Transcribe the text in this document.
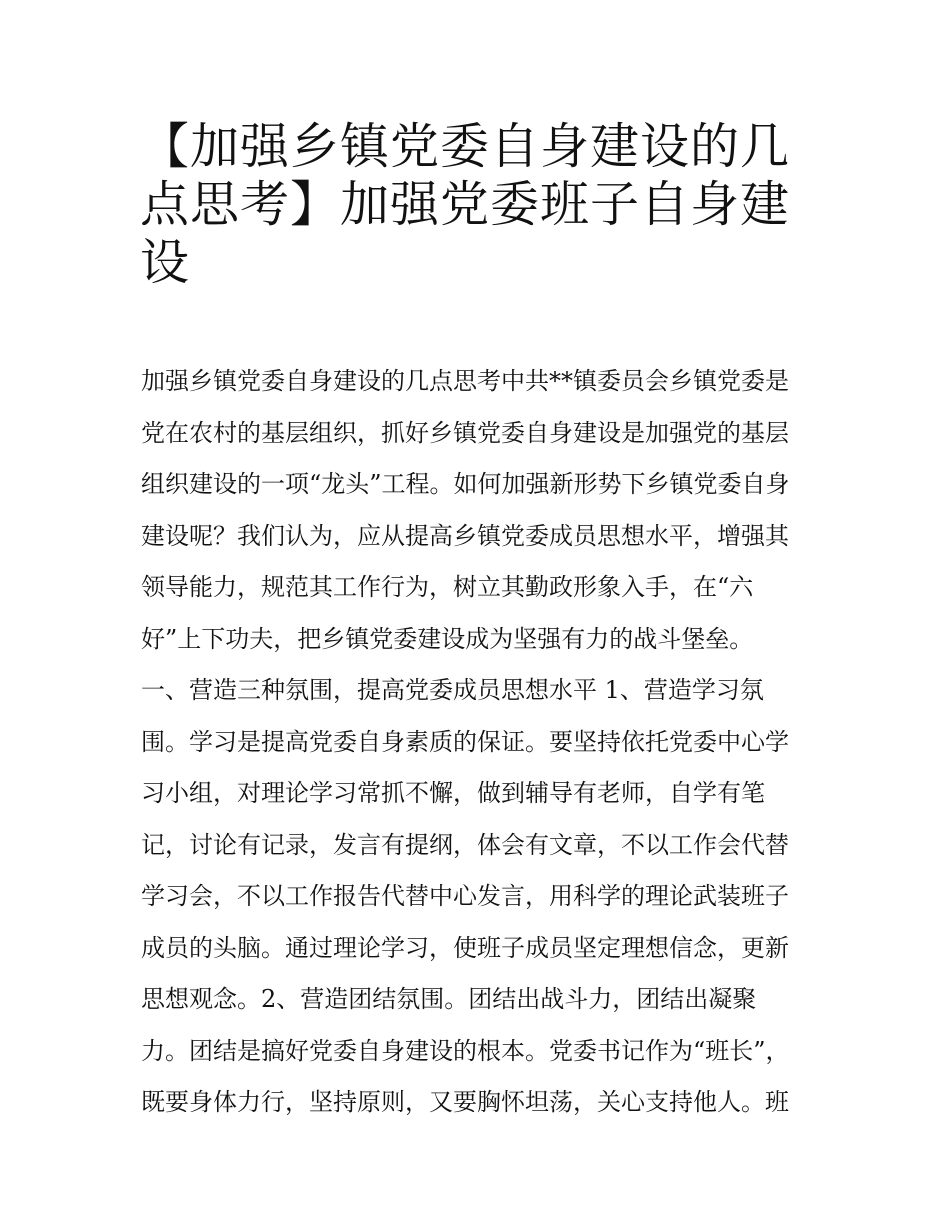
【加强乡镇党委自身建设的几
点思考】加强党委班子自身建
设
加强乡镇党委自身建设的几点思考中共**镇委员会乡镇党委是
党在农村的基层组织，抓好乡镇党委自身建设是加强党的基层
组织建设的一项“龙头”工程。如何加强新形势下乡镇党委自身
建设呢？我们认为，应从提高乡镇党委成员思想水平，增强其
领导能力，规范其工作行为，树立其勤政形象入手，在“六
好”上下功夫，把乡镇党委建设成为坚强有力的战斗堡垒。
一、营造三种氛围，提高党委成员思想水平 1、营造学习氛
围。学习是提高党委自身素质的保证。要坚持依托党委中心学
习小组，对理论学习常抓不懈，做到辅导有老师，自学有笔
记，讨论有记录，发言有提纲，体会有文章，不以工作会代替
学习会，不以工作报告代替中心发言，用科学的理论武装班子
成员的头脑。通过理论学习，使班子成员坚定理想信念，更新
思想观念。2、营造团结氛围。团结出战斗力，团结出凝聚
力。团结是搞好党委自身建设的根本。党委书记作为“班长”，
既要身体力行，坚持原则，又要胸怀坦荡，关心支持他人。班
